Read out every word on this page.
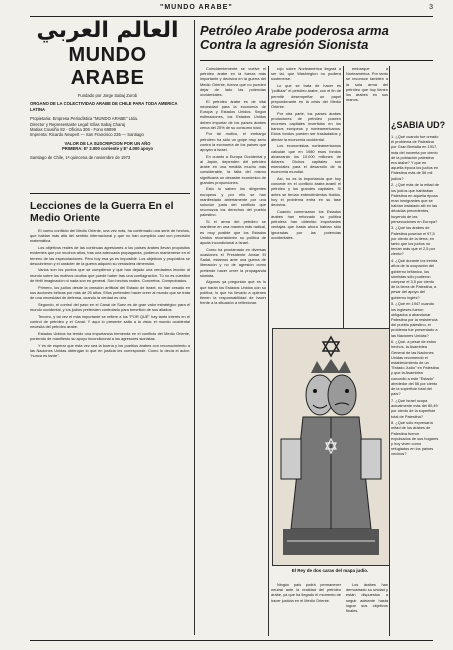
"MUNDO ARABE"	3
العالم العربي
MUNDO ARABE
Fundado por Jorge Sabaj Zurob
ORGANO DE LA COLECTIVIDAD ARABE DE CHILE PARA TODA AMERICA LATINA
Propietaria: Empresa Periodística "MUNDO ARABE" Ltda.
Director y Representante Legal: Elías Sabaj Charaj
Matías Cousiño 82 - Oficina 306 - Fono 69099
Imprenta: Ricardo Neupert — San Francisco 235 — Santiago
VALOR DE LA SUSCRIPCION POR UN AÑO
PRIMERA: Eº 2.000 corriente y Eº 4.000 apoyo
Santiago de Chile, 1ª quincena de noviembre de 1973
Lecciones de la Guerra En el Medio Oriente

El nuevo conflicto del Medio Oriente, una vez más, ha confirmado una serie de hechos, que hablan más allá del sentido internacional y que no han cumplido casi con precisión matemática.

Los objetivos reales de las continuas agresiones a los países árabes llevan propósitos evidentes que por muchos años, tras una adecuada propaganda, pudieron mantenerse en el terreno de las especulaciones. Pero hoy esa ya es imposible. Los objetivos y propósitos se descubrieron y el carácter de la guerra adquirió su verdadera dimensión.

Varios son los puntos que se cumplieron y que han dejado una verdadera lección al mundo sobre los motivos ocultos que puede haber tras una conflagración. Tú no es cuestión de fértil imaginación ni nada son en general. Son hechos reales. Concretos. Comprobados.

Primero, los judíos desde la creación artificial del Estado de Israel, no han cesado en sus acciones bélicas por más de 25 años. Ellos pretenden hacer creer al mundo que se trata de una necesidad de defensa, cuando la verdad es otra.

Segundo, el control del paso en el Canal de Suez es de gran valor estratégico para el mundo occidental, y los judíos pretenden controlarlo para beneficio de sus aliados.

Tercero, y tal vez el más importante se refiere a los "POR QUÉ" hay tanto interés en el control de petróleo y el Canal. Y aquí lo presente salta a la vista: el mundo occidental necesita del petróleo árabe.

Estados Unidos ha tenido una importancia tremenda en el conflicto del Medio Oriente, poniendo de manifiesto su apoyo incondicional a los agresores sionistas.

Y es de esperar que esta vez sea la buena y los pueblos árabes con reconocimiento a las Naciones Unidas obtengan lo que en justicia les corresponde. Como lo decía el autor: "nunca es tarde".

Petróleo Arabe poderosa arma
Contra la agresión Sionista

Coincidentemente se vuelve el petróleo árabe en la fuerza más importante y decisiva en la guerra del Medio Oriente, fuerza que no pueden dejar de lado las potencias occidentales.

El petróleo árabe es de vital necesidad para la economía de Europa y Estados Unidos. Según estimaciones, los Estados Unidos deben importar de los países árabes cerca del 25% de su consumo total.

Por tal motivo, el embargo petrolero ha sido un golpe muy serio contra la economía de los países que apoyan a Israel.

En cuanto a Europa Occidental y al Japón, dependen del petróleo árabe en una medida mucho más considerable, la falta del mismo significaría un desastre económico de grandes proporciones.

Esto lo saben los dirigentes europeos y por ello se han manifestado abiertamente por una solución justa del conflicto que reconozca los derechos del pueblo palestino.

Si el arma del petróleo se mantiene en una manera más radical, es muy posible que los Estados Unidos reconsideren su política de ayuda incondicional a Israel.

Como ha proclamado en diversas ocasiones el Presidente Anwar El Sadat, estamos ante una guerra de liberación y no de agresión como pretende hacer creer la propaganda sionista.

Algunos ya preguntan qué es lo que harán los Estados Unidos con su política; lo que ha llevado a quienes tienen la responsabilidad de hacer frente a la situación a reflexionar.

rojo sobre Norteamérica llegará a ser tal, que Washington no pudiera sostenerse.

Lo que se trata de hacer es "politizar" el petróleo árabe, con el fin de permitir desempeñar un papel preponderante en la crisis del Medio Oriente.

Por otra parte, los países árabes productores de petróleo poseen enormes capitales invertidos en los bancos europeos y norteamericanos. Estos fondos pueden ser trasladados y afectar la economía occidental.

Los economistas norteamericanos calculan que en 1980 esos fondos alcanzarán los 10.000 millones de dólares. Dichos capitales son esenciales para el desarrollo de la economía mundial.

Así, no es la importancia que hoy concede en el conflicto árabe-israelí el petróleo y los grandes capitales. Si antes se tenían entendimientos fluidos, hoy el problema entra en su fase decisiva.

Cuando comenzaron los Estados árabes han reforzado su política petrolera han obtenido importantes ventajas que hasta ahora habían sido ignoradas por las potencias occidentales.

embarque a Norteamérica. Por tanto se reconoce también a la sola arma del petróleo que hoy tienen los árabes en sus manos.

¿SABIA UD?

1. ¿Qué cuando fue creado el problema de Palestina por Gran Bretaña en 1917, más del noventa por ciento de la población palestina era árabe? Y que en aquella época los judíos en Palestina más de 56 mil judíos?

2. ¿Qué más de la mitad de los judíos que habitaban Palestina en aquella época eran inmigrantes que se habían instalado allí en las décadas precedentes, huyendo de las persecuciones en Europa?

3. ¿Qué los árabes de Palestina poseían el 97,5 por ciento de la tierra, en tanto que los judíos no tenían más que el 2,5 por ciento?

4. ¿Qué durante los treinta años de la ocupación del gobierno británico, los sionistas sólo pudieron comprar el 3,5 por ciento de la tierra de Palestina, a pesar del apoyo del gobierno inglés?

5. ¿Qué en 1947 cuando los ingleses fueron obligados a abandonar Palestina por la resistencia del pueblo palestino, el problema fue presentado a las Naciones Unidas?

6. ¿Qué, a pesar de estos hechos, la Asamblea General de las Naciones Unidas recomendó el establecimiento de un "Estado Judío" en Palestina y que la Asamblea concedió a este "Estado" alrededor del 56 por ciento de la superficie total del país?

7. ¿Qué Israel ocupa actualmente más del 80,49 por ciento de la superficie total de Palestina?

8. ¿Qué sólo expresaría mitad de los árabes de Palestina fueron expulsados de sus hogares y hoy viven como refugiados en los países vecinos?

El Rey de dos caras del mapa judío.

Ningún país podrá permanecer neutral ante la realidad del petróleo árabe, ya que ha llegado el momento de hacer justicia en el Medio Oriente.

Los árabes han demostrado su unidad y están dispuestos a seguir adelante hasta lograr sus objetivos finales.
